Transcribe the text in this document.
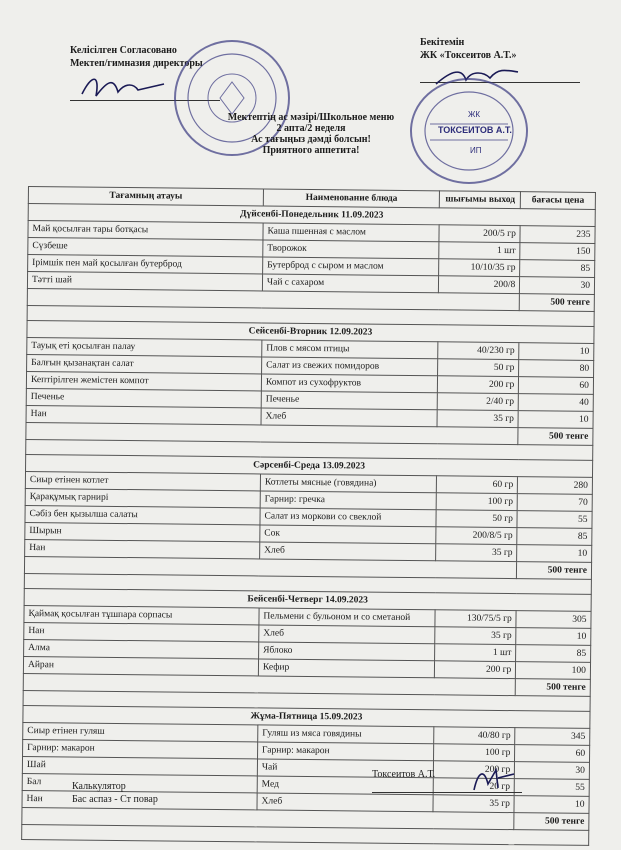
Келісілген Согласовано
Мектеп/гимназия директоры
Бекітемін
ЖК «Токсеитов А.Т.»
ТОКСЕИТОВ А.Т.
ЖК
ИП
Мектептің ас мәзірі/Школьное меню
2 апта/2 неделя
Ас тағыңыз дәмді болсын!
Приятного аппетита!
Тағамның атауы	Наименование блюда	шығымы выход	бағасы цена
Дүйсенбі-Понедельник 11.09.2023			
Май қосылған тары ботқасы	Каша пшенная с маслом	200/5 гр	235
Сүзбеше	Творожок	1 шт	150
Ірімшік пен май қосылған бутерброд	Бутерброд с сыром и маслом	10/10/35 гр	85
Тәтті шай	Чай с сахаром	200/8	30
			500 тенге

Сейсенбі-Вторник 12.09.2023			
Тауық еті қосылған палау	Плов с мясом птицы	40/230 гр	10
Балғын қызанақтан салат	Салат из свежих помидоров	50 гр	80
Кептірілген жемістен компот	Компот из сухофруктов	200 гр	60
Печенье	Печенье	2/40 гр	40
Нан	Хлеб	35 гр	10
			500 тенге

Сәрсенбі-Среда 13.09.2023			
Сиыр етінен котлет	Котлеты мясные (говядина)	60 гр	280
Қарақұмық гарнирі	Гарнир: гречка	100 гр	70
Сәбіз бен қызылша салаты	Салат из моркови со свеклой	50 гр	55
Шырын	Сок	200/8/5 гр	85
Нан	Хлеб	35 гр	10
			500 тенге

Бейсенбі-Четверг 14.09.2023			
Қаймақ қосылған тұшпара сорпасы	Пельмени с бульоном и со сметаной	130/75/5 гр	305
Нан	Хлеб	35 гр	10
Алма	Яблоко	1 шт	85
Айран	Кефир	200 гр	100
			500 тенге

Жұма-Пятница 15.09.2023			
Сиыр етінен гуляш	Гуляш из мяса говядины	40/80 гр	345
Гарнир: макарон	Гарнир: макарон	100 гр	60
Шай	Чай	200 гр	30
Бал	Мед	20 гр	55
Нан	Хлеб	35 гр	10
			500 тенге

Калькулятор
Бас аспаз - Ст повар
Токсеитов А.Т.
